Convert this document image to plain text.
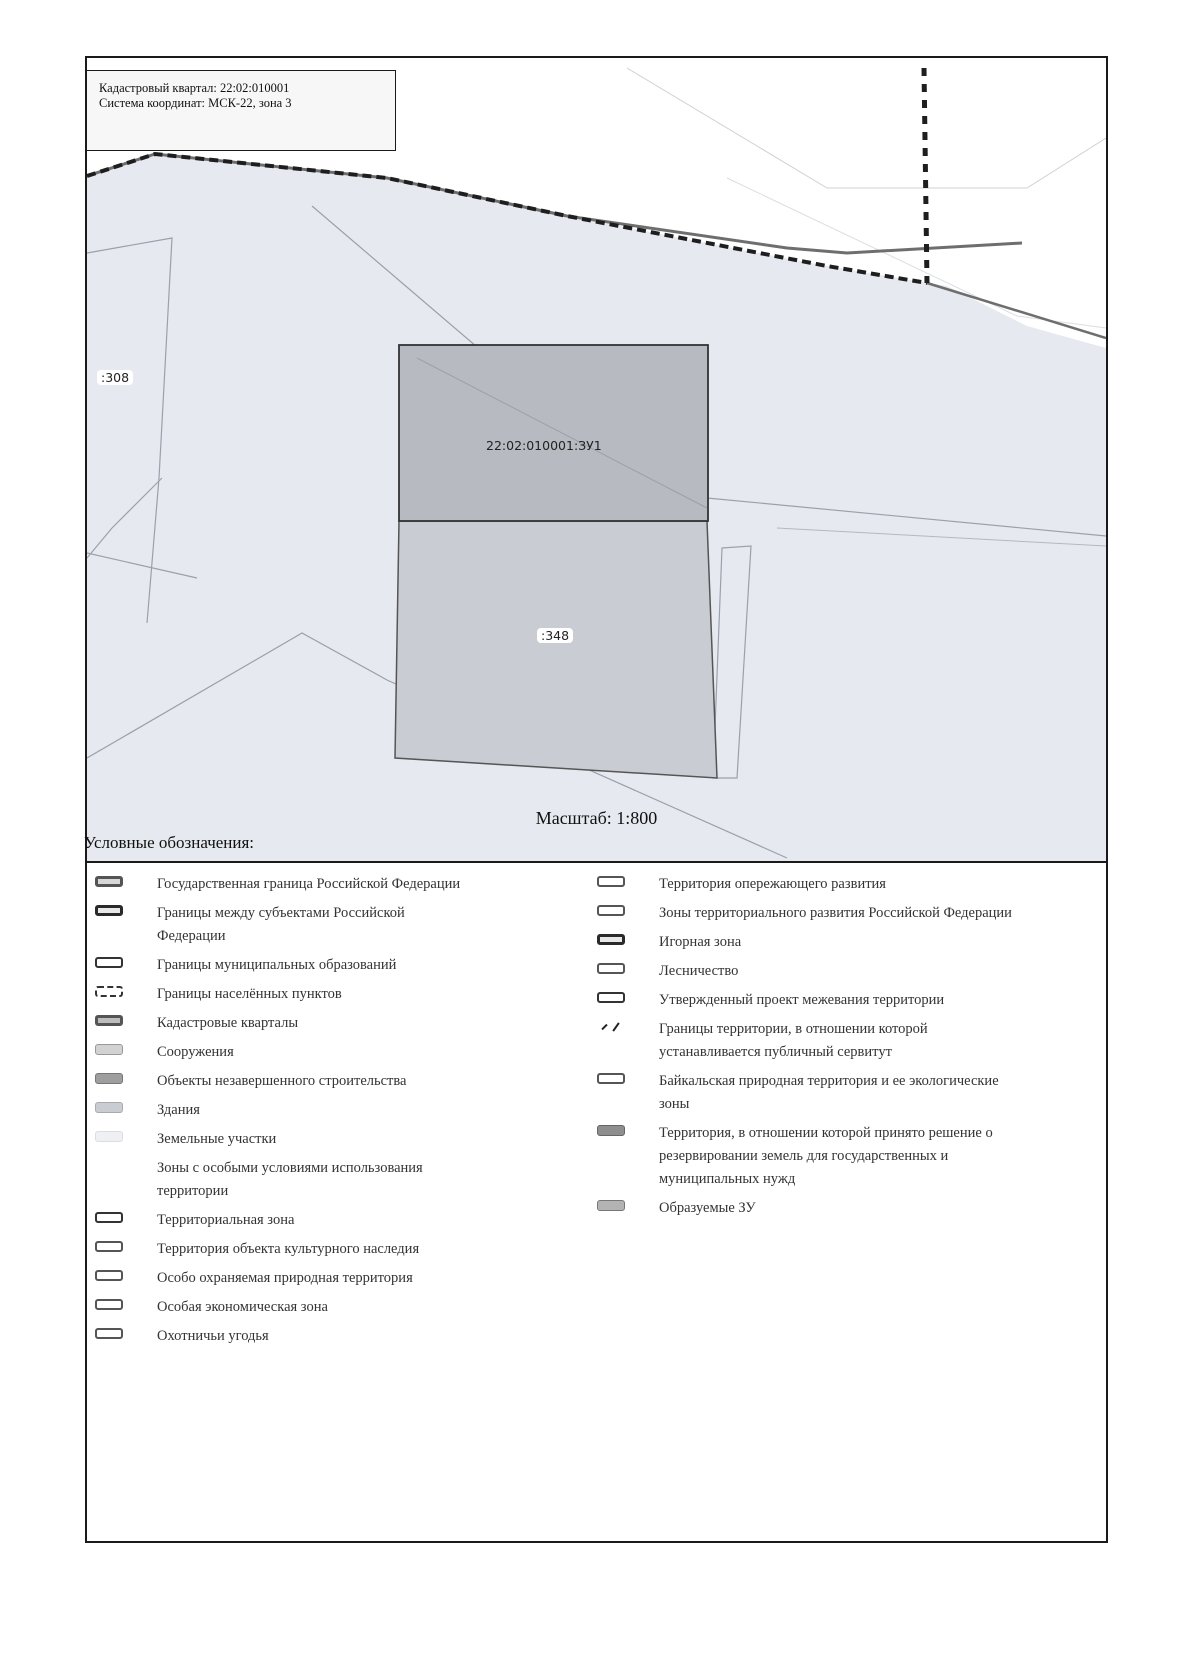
Кадастровый квартал: 22:02:010001
Система координат: МСК-22, зона 3
:308
22:02:010001:ЗУ1
:348
Масштаб: 1:800
Условные обозначения:
Государственная граница Российской Федерации
Границы между субъектами Российской Федерации
Границы муниципальных образований
Границы населённых пунктов
Кадастровые кварталы
Сооружения
Объекты незавершенного строительства
Здания
Земельные участки
Зоны с особыми условиями использования территории
Территориальная зона
Территория объекта культурного наследия
Особо охраняемая природная территория
Особая экономическая зона
Охотничьи угодья
Территория опережающего развития
Зоны территориального развития Российской Федерации
Игорная зона
Лесничество
Утвержденный проект межевания территории
Границы территории, в отношении которой устанавливается публичный сервитут
Байкальская природная территория и ее экологические зоны
Территория, в отношении которой принято решение о резервировании земель для государственных и муниципальных нужд
Образуемые ЗУ
